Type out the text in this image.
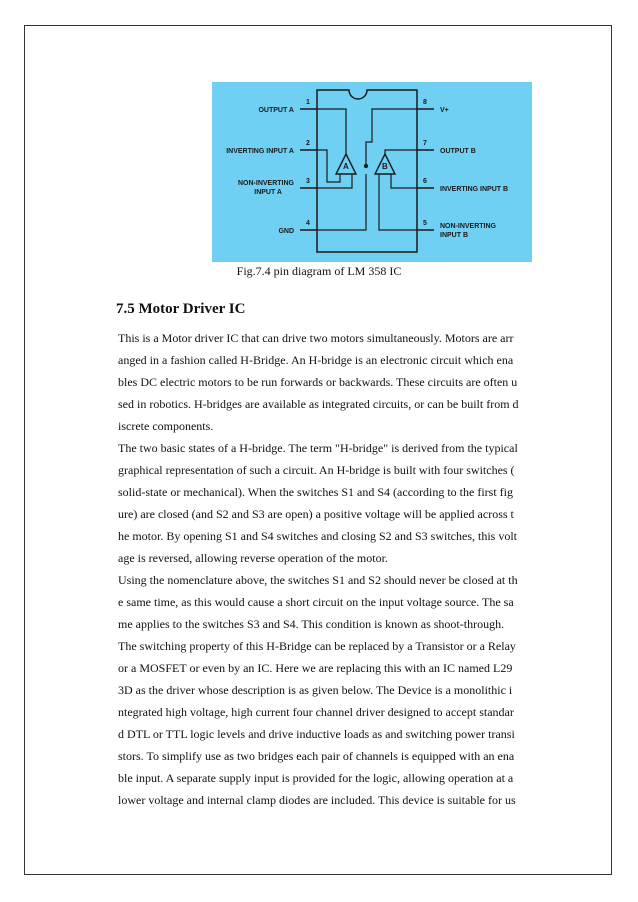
A	B
1
2
3
4
8
7
6
5
OUTPUT A
INVERTING INPUT A
NON-INVERTING
INPUT A
GND
V+
OUTPUT B
INVERTING INPUT B
NON-INVERTING
INPUT B
Fig.7.4 pin diagram of LM 358 IC
7.5 Motor Driver IC
This is a Motor driver IC that can drive two motors simultaneously. Motors are arr
anged in a fashion called H-Bridge. An H-bridge is an electronic circuit which ena
bles DC electric motors to be run forwards or backwards. These circuits are often u
sed in robotics. H-bridges are available as integrated circuits, or can be built from d
iscrete components.
The two basic states of a H-bridge. The term "H-bridge" is derived from the typical
graphical representation of such a circuit. An H-bridge is built with four switches (
solid-state or mechanical). When the switches S1 and S4 (according to the first fig
ure) are closed (and S2 and S3 are open) a positive voltage will be applied across t
he motor. By opening S1 and S4 switches and closing S2 and S3 switches, this volt
age is reversed, allowing reverse operation of the motor.
Using the nomenclature above, the switches S1 and S2 should never be closed at th
e same time, as this would cause a short circuit on the input voltage source. The sa
me applies to the switches S3 and S4. This condition is known as shoot-through.
The switching property of this H-Bridge can be replaced by a Transistor or a Relay
or a MOSFET or even by an IC. Here we are replacing this with an IC named L29
3D as the driver whose description is as given below. The Device is a monolithic i
ntegrated high voltage, high current four channel driver designed to accept standar
d DTL or TTL logic levels and drive inductive loads as and switching power transi
stors. To simplify use as two bridges each pair of channels is equipped with an ena
ble input. A separate supply input is provided for the logic, allowing operation at a
lower voltage and internal clamp diodes are included. This device is suitable for us
